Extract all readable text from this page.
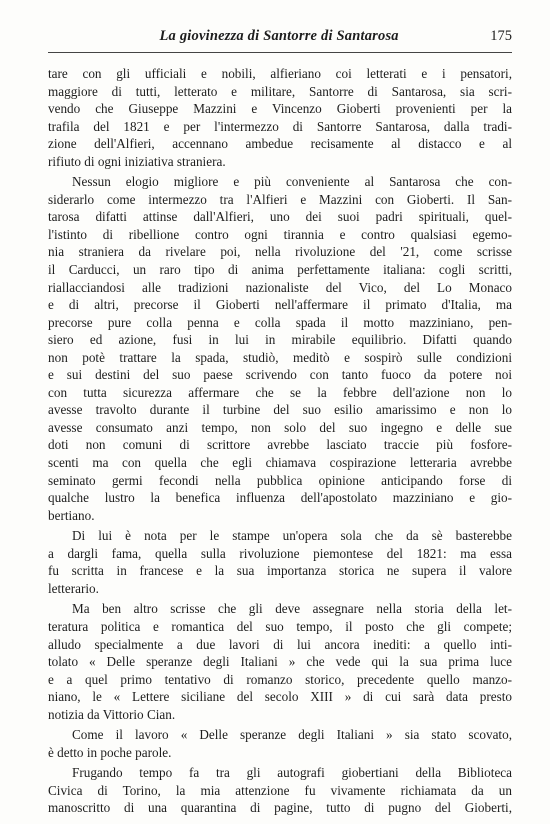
La giovinezza di Santorre di Santarosa	175

tare con gli ufficiali e nobili, alfieriano coi letterati e i pensatori,
maggiore di tutti, letterato e militare, Santorre di Santarosa, sia scri-
vendo che Giuseppe Mazzini e Vincenzo Gioberti provenienti per la
trafila del 1821 e per l'intermezzo di Santorre Santarosa, dalla tradi-
zione dell'Alfieri, accennano ambedue recisamente al distacco e al
rifiuto di ogni iniziativa straniera.

Nessun elogio migliore e più conveniente al Santarosa che con-
siderarlo come intermezzo tra l'Alfieri e Mazzini con Gioberti. Il San-
tarosa difatti attinse dall'Alfieri, uno dei suoi padri spirituali, quel-
l'istinto di ribellione contro ogni tirannia e contro qualsiasi egemo-
nia straniera da rivelare poi, nella rivoluzione del '21, come scrisse
il Carducci, un raro tipo di anima perfettamente italiana: cogli scritti,
riallacciandosi alle tradizioni nazionaliste del Vico, del Lo Monaco
e di altri, precorse il Gioberti nell'affermare il primato d'Italia, ma
precorse pure colla penna e colla spada il motto mazziniano, pen-
siero ed azione, fusi in lui in mirabile equilibrio. Difatti quando
non potè trattare la spada, studiò, meditò e sospirò sulle condizioni
e sui destini del suo paese scrivendo con tanto fuoco da potere noi
con tutta sicurezza affermare che se la febbre dell'azione non lo
avesse travolto durante il turbine del suo esilio amarissimo e non lo
avesse consumato anzi tempo, non solo del suo ingegno e delle sue
doti non comuni di scrittore avrebbe lasciato traccie più fosfore-
scenti ma con quella che egli chiamava cospirazione letteraria avrebbe
seminato germi fecondi nella pubblica opinione anticipando forse di
qualche lustro la benefica influenza dell'apostolato mazziniano e gio-
bertiano.

Di lui è nota per le stampe un'opera sola che da sè basterebbe
a dargli fama, quella sulla rivoluzione piemontese del 1821: ma essa
fu scritta in francese e la sua importanza storica ne supera il valore
letterario.

Ma ben altro scrisse che gli deve assegnare nella storia della let-
teratura politica e romantica del suo tempo, il posto che gli compete;
alludo specialmente a due lavori di lui ancora inediti: a quello inti-
tolato « Delle speranze degli Italiani » che vede qui la sua prima luce
e a quel primo tentativo di romanzo storico, precedente quello manzo-
niano, le « Lettere siciliane del secolo XIII » di cui sarà data presto
notizia da Vittorio Cian.

Come il lavoro « Delle speranze degli Italiani » sia stato scovato,
è detto in poche parole.

Frugando tempo fa tra gli autografi giobertiani della Biblioteca
Civica di Torino, la mia attenzione fu vivamente richiamata da un
manoscritto di una quarantina di pagine, tutto di pugno del Gioberti,
